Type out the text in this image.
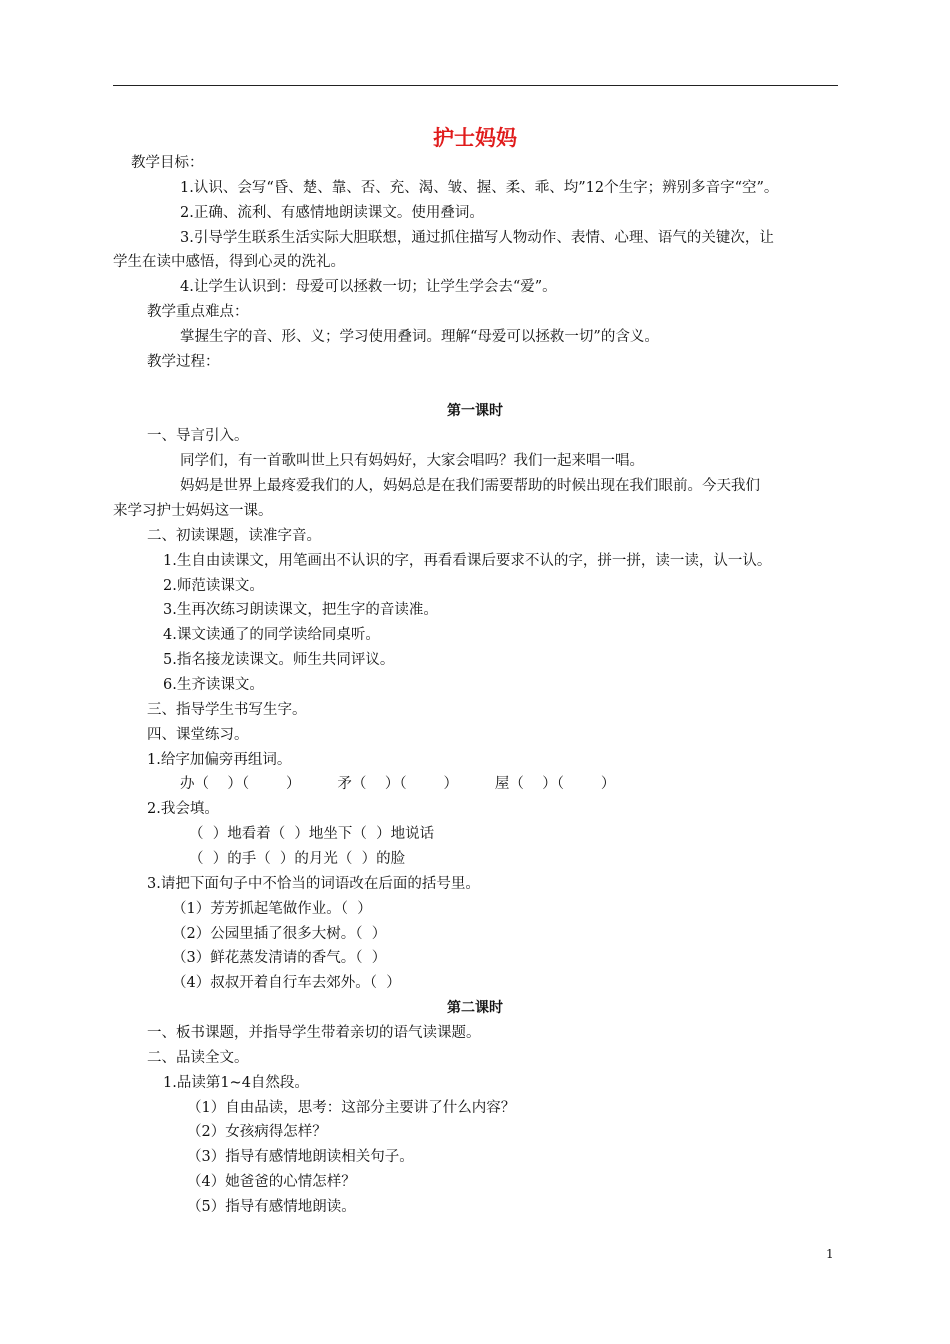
护士妈妈
教学目标：
1.认识、会写“昏、楚、靠、否、充、渴、皱、握、柔、乖、均”12个生字；辨别多音字“空”。
2.正确、流利、有感情地朗读课文。使用叠词。
3.引导学生联系生活实际大胆联想，通过抓住描写人物动作、表情、心理、语气的关键次，让
学生在读中感悟，得到心灵的洗礼。
4.让学生认识到：母爱可以拯救一切；让学生学会去“爱”。
教学重点难点：
掌握生字的音、形、义；学习使用叠词。理解“母爱可以拯救一切”的含义。
教学过程：
第一课时
一、导言引入。
同学们，有一首歌叫世上只有妈妈好，大家会唱吗？我们一起来唱一唱。
妈妈是世界上最疼爱我们的人，妈妈总是在我们需要帮助的时候出现在我们眼前。今天我们
来学习护士妈妈这一课。
二、初读课题，读准字音。
1.生自由读课文，用笔画出不认识的字，再看看课后要求不认的字，拼一拼，读一读，认一认。
2.师范读课文。
3.生再次练习朗读课文，把生字的音读准。
4.课文读通了的同学读给同桌听。
5.指名接龙读课文。师生共同评议。
6.生齐读课文。
三、指导学生书写生字。
四、课堂练习。
1.给字加偏旁再组词。
办（    ）（        ）        矛（    ）（        ）        屋（    ）（        ）
2.我会填。
（  ）地看着（  ）地坐下（  ）地说话
（  ）的手（  ）的月光（  ）的脸
3.请把下面句子中不恰当的词语改在后面的括号里。
（1）芳芳抓起笔做作业。（  ）
（2）公园里插了很多大树。（  ）
（3）鲜花蒸发清请的香气。（  ）
（4）叔叔开着自行车去郊外。（  ）
第二课时
一、板书课题，并指导学生带着亲切的语气读课题。
二、品读全文。
1.品读第1~4自然段。
（1）自由品读，思考：这部分主要讲了什么内容？
（2）女孩病得怎样？
（3）指导有感情地朗读相关句子。
（4）她爸爸的心情怎样？
（5）指导有感情地朗读。
1
